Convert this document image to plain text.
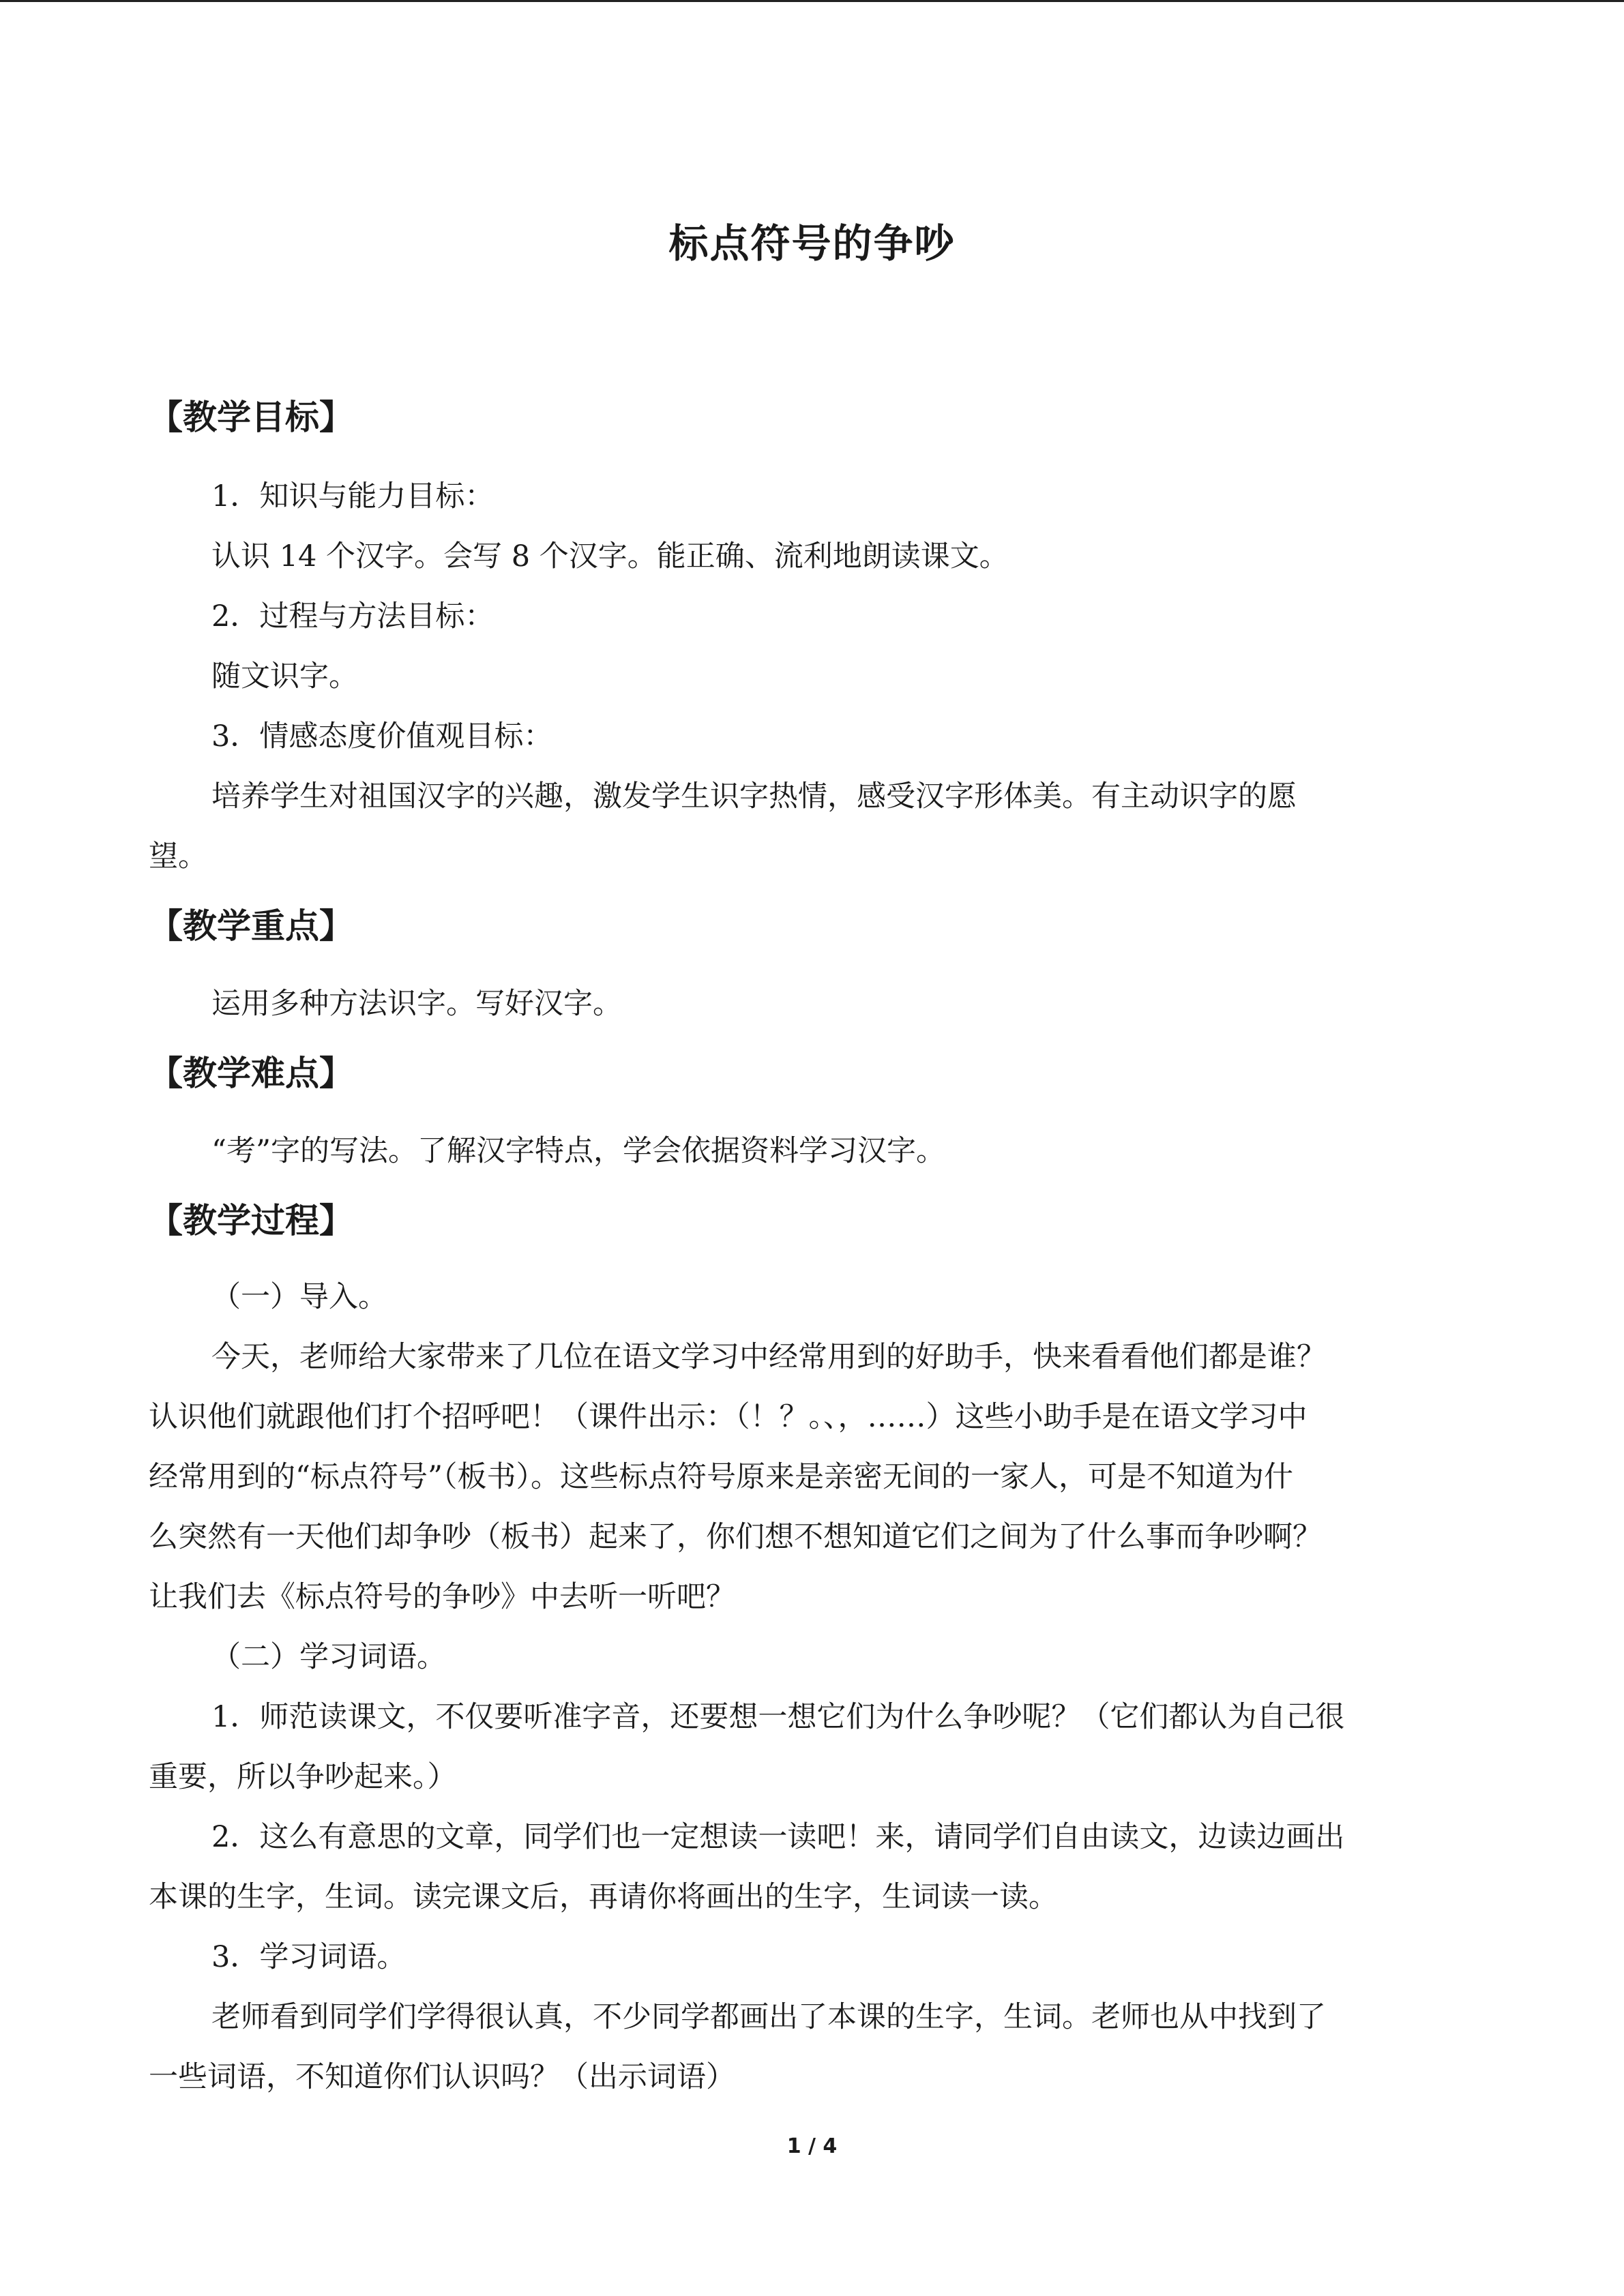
标点符号的争吵
【教学目标】
1．知识与能力目标：
认识 14 个汉字。会写 8 个汉字。能正确、流利地朗读课文。
2．过程与方法目标：
随文识字。
3．情感态度价值观目标：
培养学生对祖国汉字的兴趣，激发学生识字热情，感受汉字形体美。有主动识字的愿
望。
【教学重点】
运用多种方法识字。写好汉字。
【教学难点】
“考”字的写法。了解汉字特点，学会依据资料学习汉字。
【教学过程】
（一）导入。
今天，老师给大家带来了几位在语文学习中经常用到的好助手，快来看看他们都是谁？
认识他们就跟他们打个招呼吧！（课件出示：（！？。、，……）这些小助手是在语文学习中
经常用到的“标点符号”（板书）。这些标点符号原来是亲密无间的一家人，可是不知道为什
么突然有一天他们却争吵（板书）起来了，你们想不想知道它们之间为了什么事而争吵啊？
让我们去《标点符号的争吵》中去听一听吧？
（二）学习词语。
1．师范读课文，不仅要听准字音，还要想一想它们为什么争吵呢？（它们都认为自己很
重要，所以争吵起来。）
2．这么有意思的文章，同学们也一定想读一读吧！来，请同学们自由读文，边读边画出
本课的生字，生词。读完课文后，再请你将画出的生字，生词读一读。
3．学习词语。
老师看到同学们学得很认真，不少同学都画出了本课的生字，生词。老师也从中找到了
一些词语，不知道你们认识吗？（出示词语）
1 / 4
